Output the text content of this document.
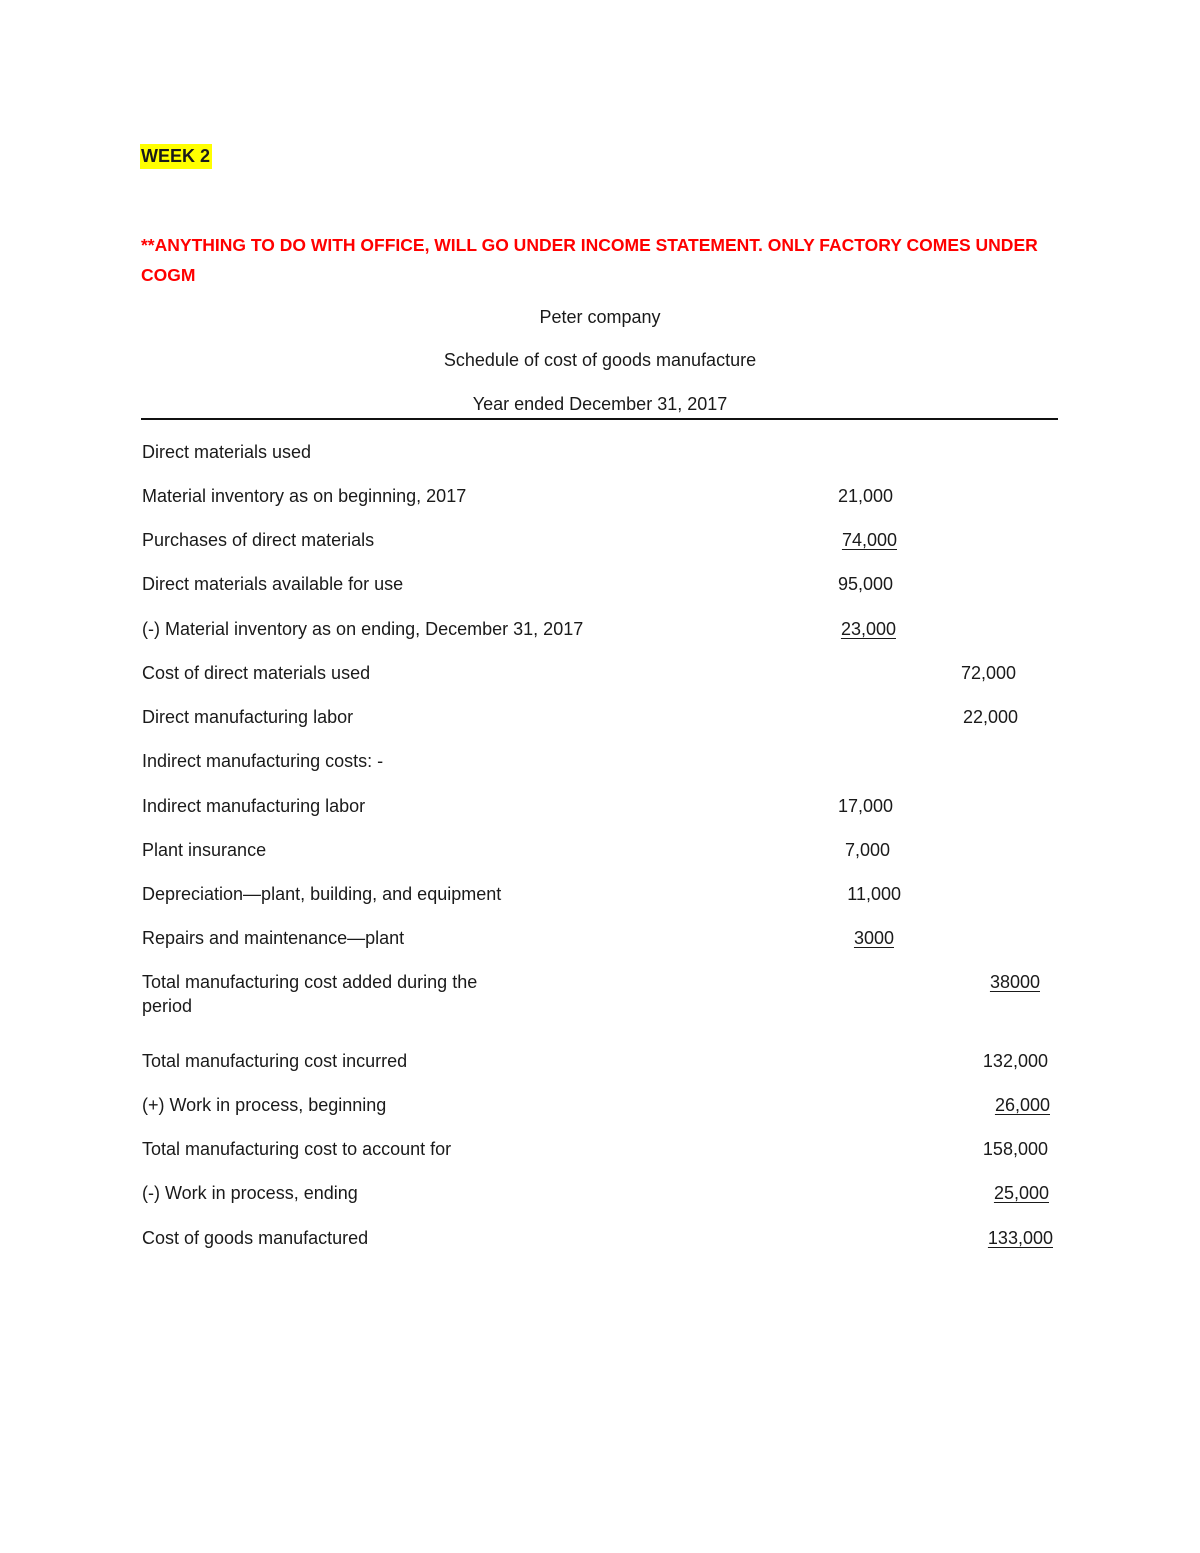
WEEK 2
**ANYTHING TO DO WITH OFFICE, WILL GO UNDER INCOME STATEMENT. ONLY FACTORY COMES UNDER COGM
Peter company
Schedule of cost of goods manufacture
Year ended December 31, 2017
Direct materials used
Material inventory as on beginning, 2017
Purchases of direct materials
Direct materials available for use
(-) Material inventory as on ending, December 31, 2017
Cost of direct materials used
Direct manufacturing labor
Indirect manufacturing costs: -
Indirect manufacturing labor
Plant insurance
Depreciation—plant, building, and equipment
Repairs and maintenance—plant
Total manufacturing cost added during the period
Total manufacturing cost incurred
(+) Work in process, beginning
Total manufacturing cost to account for
(-) Work in process, ending
Cost of goods manufactured
21,000
74,000
95,000
23,000
17,000
7,000
11,000
3000
72,000
22,000
38000
132,000
26,000
158,000
25,000
133,000
